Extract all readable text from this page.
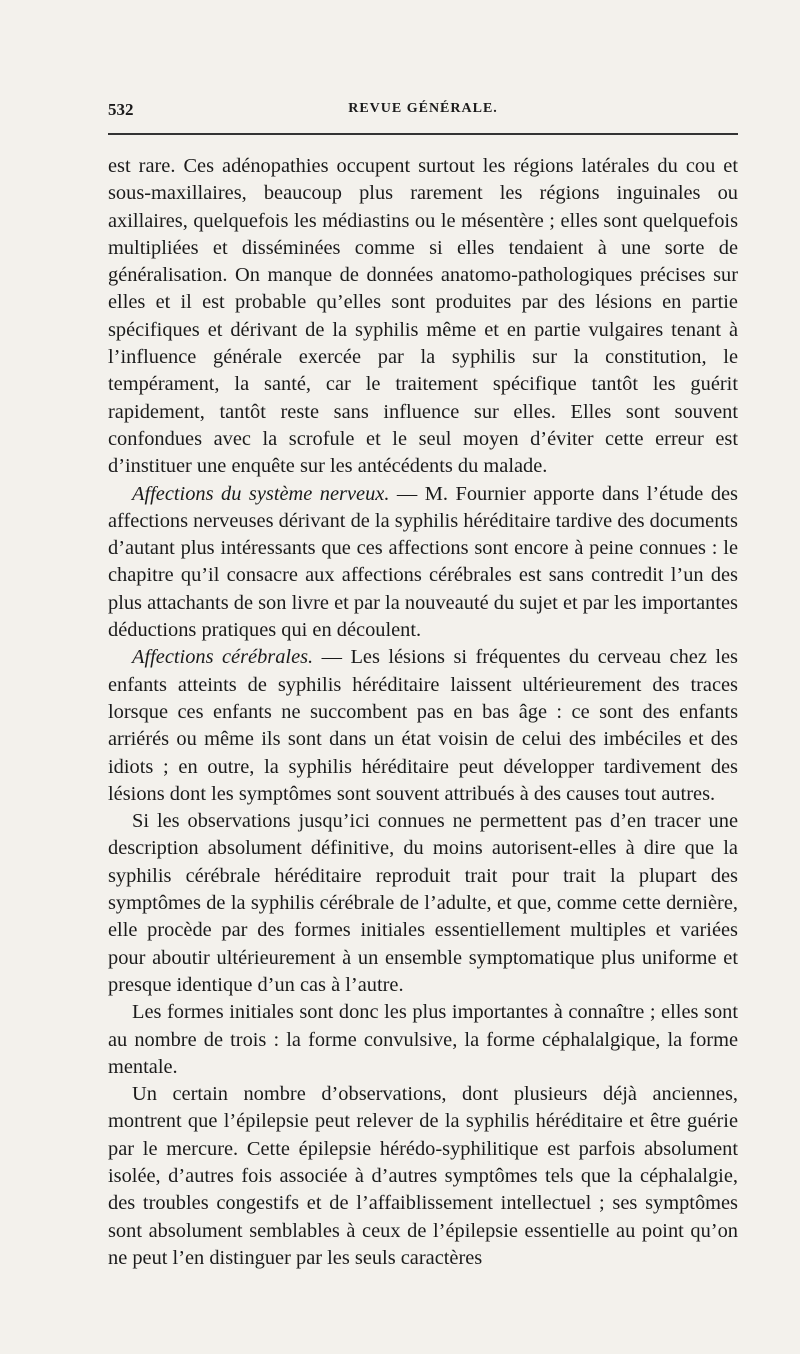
532	REVUE GÉNÉRALE.

est rare. Ces adénopathies occupent surtout les régions latérales du cou et sous-maxillaires, beaucoup plus rarement les régions inguinales ou axillaires, quelquefois les médiastins ou le mésentère ; elles sont quelquefois multipliées et disséminées comme si elles tendaient à une sorte de généralisation. On manque de données anatomo-pathologiques précises sur elles et il est probable qu’elles sont produites par des lésions en partie spécifiques et dérivant de la syphilis même et en partie vulgaires tenant à l’influence générale exercée par la syphilis sur la constitution, le tempérament, la santé, car le traitement spécifique tantôt les guérit rapidement, tantôt reste sans influence sur elles. Elles sont souvent confondues avec la scrofule et le seul moyen d’éviter cette erreur est d’instituer une enquête sur les antécédents du malade.

Affections du système nerveux. — M. Fournier apporte dans l’étude des affections nerveuses dérivant de la syphilis héréditaire tardive des documents d’autant plus intéressants que ces affections sont encore à peine connues : le chapitre qu’il consacre aux affections cérébrales est sans contredit l’un des plus attachants de son livre et par la nouveauté du sujet et par les importantes déductions pratiques qui en découlent.

Affections cérébrales. — Les lésions si fréquentes du cerveau chez les enfants atteints de syphilis héréditaire laissent ultérieurement des traces lorsque ces enfants ne succombent pas en bas âge : ce sont des enfants arriérés ou même ils sont dans un état voisin de celui des imbéciles et des idiots ; en outre, la syphilis héréditaire peut développer tardivement des lésions dont les symptômes sont souvent attribués à des causes tout autres.

Si les observations jusqu’ici connues ne permettent pas d’en tracer une description absolument définitive, du moins autorisent-elles à dire que la syphilis cérébrale héréditaire reproduit trait pour trait la plupart des symptômes de la syphilis cérébrale de l’adulte, et que, comme cette dernière, elle procède par des formes initiales essentiellement multiples et variées pour aboutir ultérieurement à un ensemble symptomatique plus uniforme et presque identique d’un cas à l’autre.

Les formes initiales sont donc les plus importantes à connaître ; elles sont au nombre de trois : la forme convulsive, la forme céphalalgique, la forme mentale.

Un certain nombre d’observations, dont plusieurs déjà anciennes, montrent que l’épilepsie peut relever de la syphilis héréditaire et être guérie par le mercure. Cette épilepsie hérédo-syphilitique est parfois absolument isolée, d’autres fois associée à d’autres symptômes tels que la céphalalgie, des troubles congestifs et de l’affaiblissement intellectuel ; ses symptômes sont absolument semblables à ceux de l’épilepsie essentielle au point qu’on ne peut l’en distinguer par les seuls caractères
